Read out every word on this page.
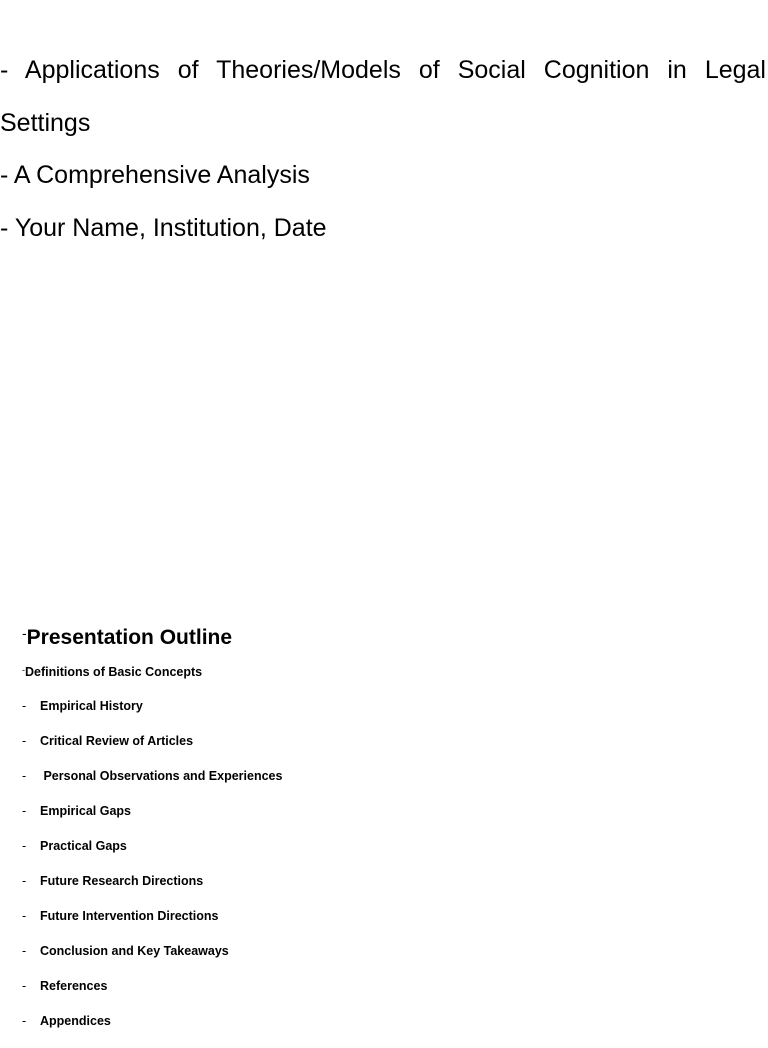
- Applications of Theories/Models of Social Cognition in Legal Settings

- A Comprehensive Analysis

- Your Name, Institution, Date

-Presentation Outline
-Definitions of Basic Concepts
- Empirical History
- Critical Review of Articles
- Personal Observations and Experiences
- Empirical Gaps
- Practical Gaps
- Future Research Directions
- Future Intervention Directions
- Conclusion and Key Takeaways
- References
- Appendices
